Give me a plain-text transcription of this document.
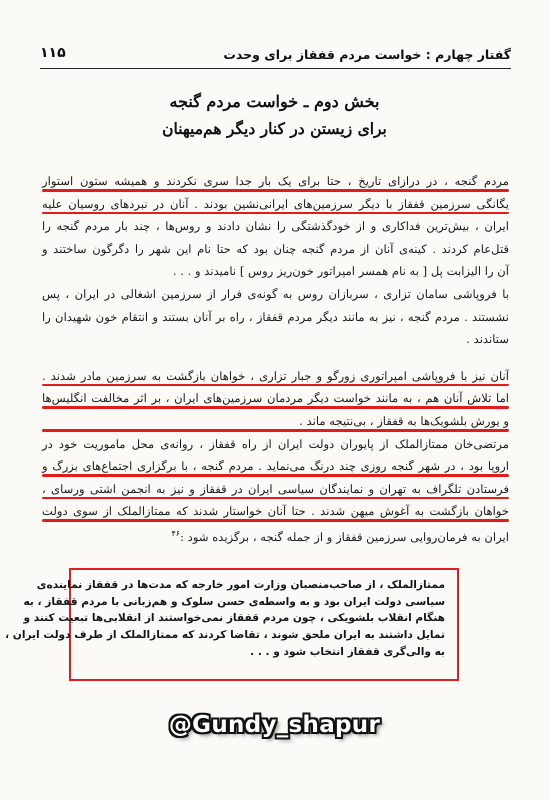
گفتار چهارم : خواست مردم قفقاز برای وحدت
۱۱۵
بخش دوم ـ خواست مردم گنجه
برای زیستن در کنار دیگر هم‌میهنان
مردم گنجه ، در درازای تاریخ ، حتا برای یک بار جدا سری نکردند و همیشه ستون استوار
یگانگی سرزمین قفقاز با دیگر سرزمین‌های ایرانی‌نشین بودند . آنان در نبردهای روسیان علیه
ایران ، بیش‌ترین فداکاری و از خودگذشتگی را نشان دادند و روس‌ها ، چند بار مردم گنجه را
قتل‌عام کردند . کینه‌ی آنان از مردم گنجه چنان بود که حتا نام این شهر را دگرگون ساختند و
آن را الیزابت پل [ به نام همسر امپراتور خون‌ریز روس ] نامیدند و . . .
با فروپاشی سامان تزاری ، سربازان روس به گونه‌ی فرار از سرزمین اشغالی در ایران ، پس
نشستند . مردم گنجه ، نیز به مانند دیگر مردم قفقاز ، راه بر آنان بستند و انتقام خون شهیدان را
ستاندند .
آنان نیز با فروپاشی امپراتوری زورگو و جبار تزاری ، خواهان بازگشت به سرزمین مادر شدند .
اما تلاش آنان هم ، به مانند خواست دیگر مردمان سرزمین‌های ایران ، بر اثر مخالفت انگلیس‌ها
و یورش بلشویک‌ها به قفقاز ، بی‌نتیجه ماند .
مرتضی‌خان ممتازالملک از پایوران دولت ایران از راه قفقاز ، روانه‌ی محل ماموریت خود در
اروپا بود ، در شهر گنجه روزی چند درنگ می‌نماید . مردم گنجه ، با برگزاری اجتماع‌های بزرگ و
فرستادن تلگراف به تهران و نمایندگان سیاسی ایران در قفقاز و نیز به انجمن اشتی ورسای ،
خواهان بازگشت به آغوش میهن شدند . حتا آنان خواستار شدند که ممتازالملک از سوی دولت
ایران به فرمان‌روایی سرزمین قفقاز و از جمله گنجه ، برگزیده شود :$^{۴۶}$
ممتازالملک ، از صاحب‌منصبان وزارت امور خارجه که مدت‌ها در قفقاز نماینده‌ی
سیاسی دولت ایران بود و به واسطه‌ی حسن سلوک و هم‌زبانی با مردم قفقاز ، به
هنگام انقلاب بلشویکی ، چون مردم قفقاز نمی‌خواستند از انقلابی‌ها تبعیت کنند و
تمایل داشتند به ایران ملحق شوند ، تقاضا کردند که ممتازالملک از طرف دولت ایران ،
به والی‌گری قفقاز انتخاب شود و . . .
@Gundy_shapur
